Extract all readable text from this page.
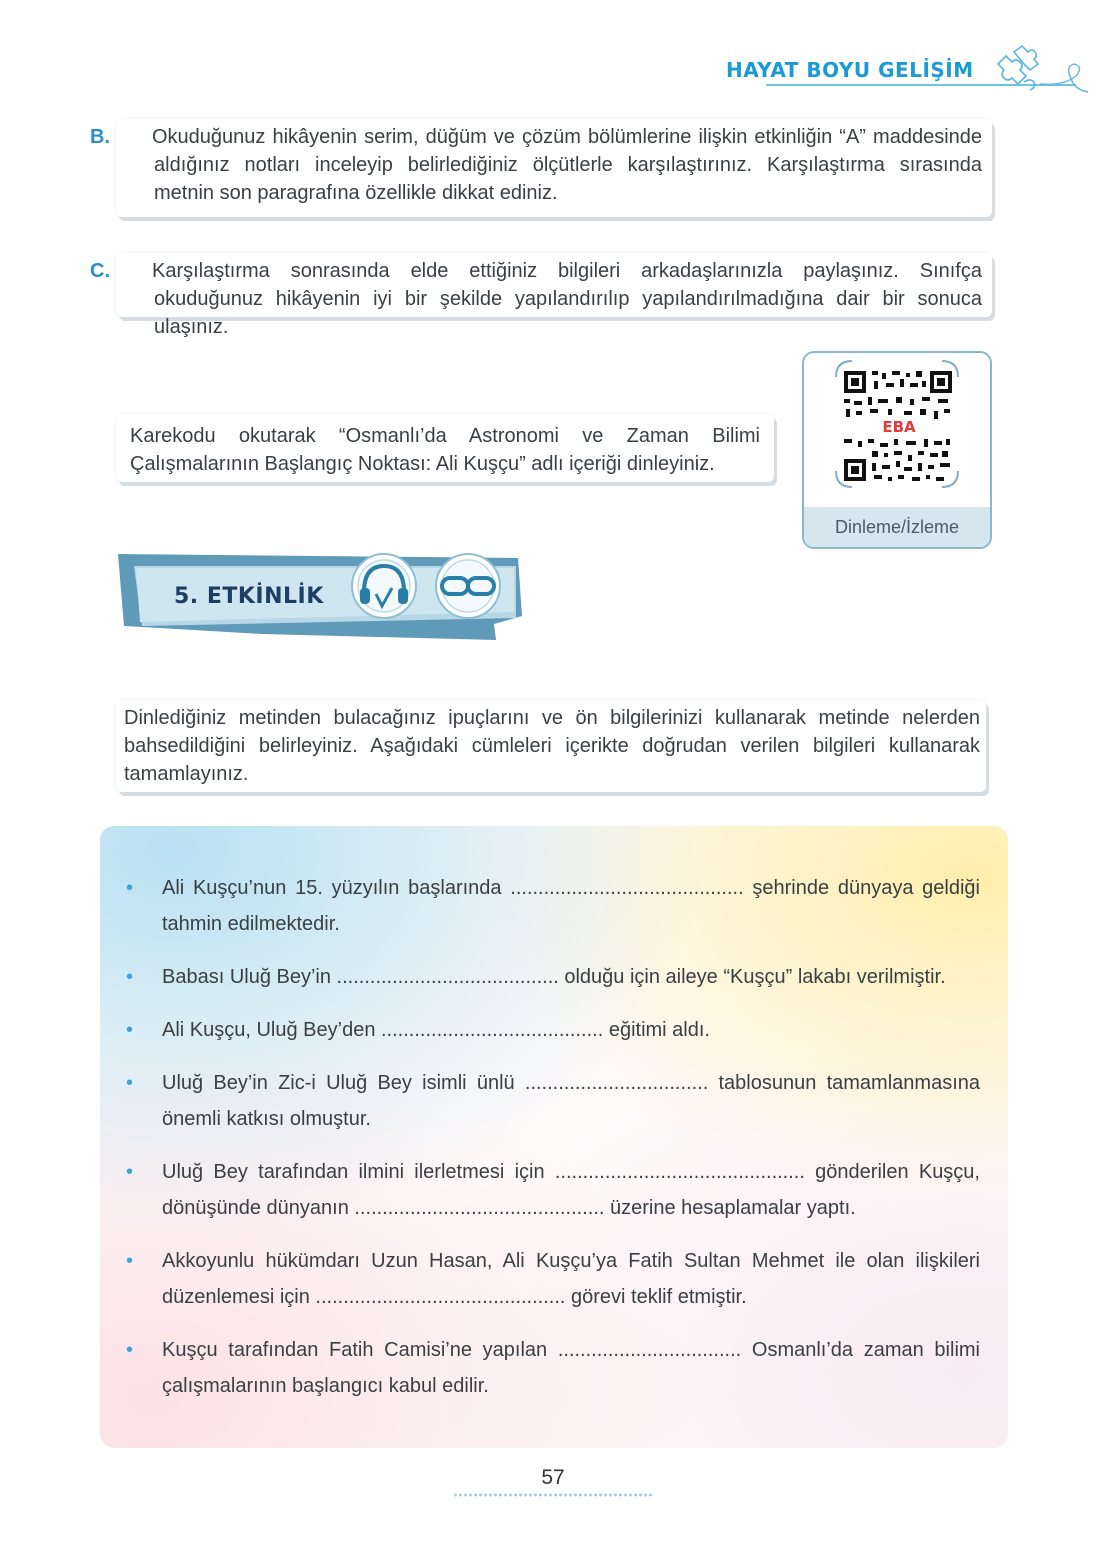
HAYAT BOYU GELİŞİM

B. Okuduğunuz hikâyenin serim, düğüm ve çözüm bölümlerine ilişkin etkinliğin “A” maddesinde aldığınız notları inceleyip belirlediğiniz ölçütlerle karşılaştırınız. Karşılaştırma sırasında metnin son paragrafına özellikle dikkat ediniz.

C. Karşılaştırma sonrasında elde ettiğiniz bilgileri arkadaşlarınızla paylaşınız. Sınıfça okuduğunuz hikâyenin iyi bir şekilde yapılandırılıp yapılandırılmadığına dair bir sonuca ulaşınız.

Karekodu okutarak “Osmanlı’da Astronomi ve Zaman Bilimi Çalışmalarının Başlangıç Noktası: Ali Kuşçu” adlı içeriği dinleyiniz.

EBA
Dinleme/İzleme
5. ETKİNLİK

Dinlediğiniz metinden bulacağınız ipuçlarını ve ön bilgilerinizi kullanarak metinde nelerden bahsedildiğini belirleyiniz. Aşağıdaki cümleleri içerikte doğrudan verilen bilgileri kullanarak tamamlayınız.

• Ali Kuşçu’nun 15. yüzyılın başlarında .......................................... şehrinde dünyaya geldiği tahmin edilmektedir.
• Babası Uluğ Bey’in ........................................ olduğu için aileye “Kuşçu” lakabı verilmiştir.
• Ali Kuşçu, Uluğ Bey’den ........................................ eğitimi aldı.
• Uluğ Bey’in Zic-i Uluğ Bey isimli ünlü ................................. tablosunun tamamlanmasına önemli katkısı olmuştur.
• Uluğ Bey tarafından ilmini ilerletmesi için ............................................. gönderilen Kuşçu, dönüşünde dünyanın ............................................. üzerine hesaplamalar yaptı.
• Akkoyunlu hükümdarı Uzun Hasan, Ali Kuşçu’ya Fatih Sultan Mehmet ile olan ilişkileri düzenlemesi için ............................................. görevi teklif etmiştir.
• Kuşçu tarafından Fatih Camisi’ne yapılan ................................. Osmanlı’da zaman bilimi çalışmalarının başlangıcı kabul edilir.
57
